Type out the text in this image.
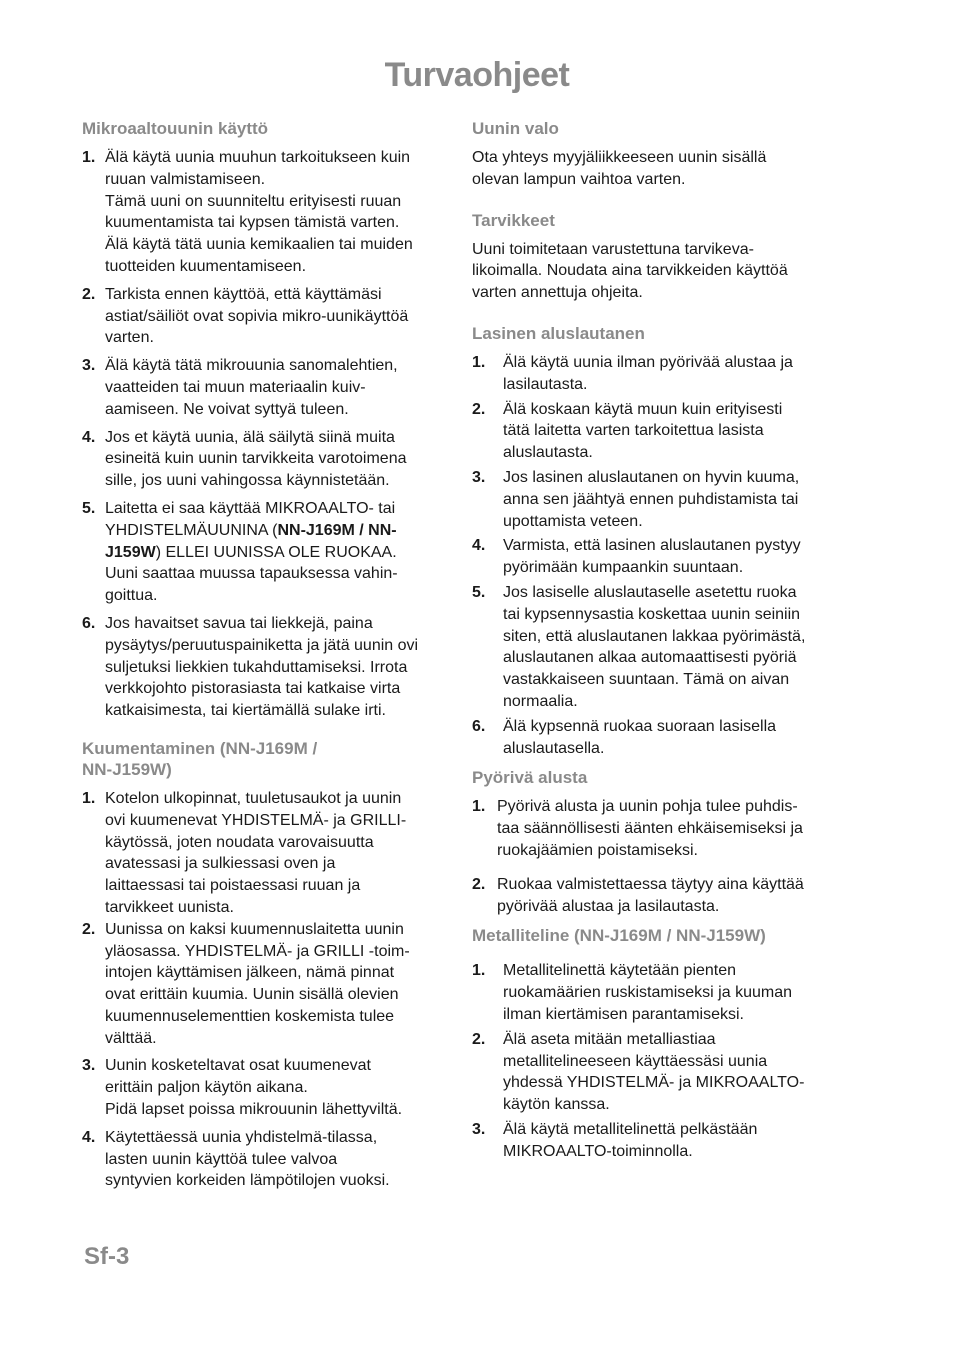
Turvaohjeet
Mikroaaltouunin käyttö
1. Älä käytä uunia muuhun tarkoitukseen kuin
ruuan valmistamiseen.
Tämä uuni on suunniteltu erityisesti ruuan
kuumentamista tai kypsen tämistä varten.
Älä käytä tätä uunia kemikaalien tai muiden
tuotteiden kuumentamiseen.
2. Tarkista ennen käyttöä, että käyttämäsi
astiat/säiliöt ovat sopivia mikro-uunikäyttöä
varten.
3. Älä käytä tätä mikrouunia sanomalehtien,
vaatteiden tai muun materiaalin kuiv-
aamiseen. Ne voivat syttyä tuleen.
4. Jos et käytä uunia, älä säilytä siinä muita
esineitä kuin uunin tarvikkeita varotoimena
sille, jos uuni vahingossa käynnistetään.
5. Laitetta ei saa käyttää MIKROAALTO- tai
YHDISTELMÄUUNINA (NN-J169M / NN-
J159W) ELLEI UUNISSA OLE RUOKAA.
Uuni saattaa muussa tapauksessa vahin-
goittua.
6. Jos havaitset savua tai liekkejä, paina
pysäytys/peruutuspainiketta ja jätä uunin ovi
suljetuksi liekkien tukahduttamiseksi. Irrota
verkkojohto pistorasiasta tai katkaise virta
katkaisimesta, tai kiertämällä sulake irti.
Kuumentaminen (NN-J169M /
NN-J159W)
1. Kotelon ulkopinnat, tuuletusaukot ja uunin
ovi kuumenevat YHDISTELMÄ- ja GRILLI-
käytössä, joten noudata varovaisuutta
avatessasi ja sulkiessasi oven ja
laittaessasi tai poistaessasi ruuan ja
tarvikkeet uunista.
2. Uunissa on kaksi kuumennuslaitetta uunin
yläosassa. YHDISTELMÄ- ja GRILLI -toim-
intojen käyttämisen jälkeen, nämä pinnat
ovat erittäin kuumia. Uunin sisällä olevien
kuumennuselementtien koskemista tulee
välttää.
3. Uunin kosketeltavat osat kuumenevat
erittäin paljon käytön aikana.
Pidä lapset poissa mikrouunin lähettyviltä.
4. Käytettäessä uunia yhdistelmä-tilassa,
lasten uunin käyttöä tulee valvoa
syntyvien korkeiden lämpötilojen vuoksi.
Uunin valo
Ota yhteys myyjäliikkeeseen uunin sisällä
olevan lampun vaihtoa varten.
Tarvikkeet
Uuni toimitetaan varustettuna tarvikeva-
likoimalla. Noudata aina tarvikkeiden käyttöä
varten annettuja ohjeita.
Lasinen aluslautanen
1. Älä käytä uunia ilman pyörivää alustaa ja
lasilautasta.
2. Älä koskaan käytä muun kuin erityisesti
tätä laitetta varten tarkoitettua lasista
aluslautasta.
3. Jos lasinen aluslautanen on hyvin kuuma,
anna sen jäähtyä ennen puhdistamista tai
upottamista veteen.
4. Varmista, että lasinen aluslautanen pystyy
pyörimään kumpaankin suuntaan.
5. Jos lasiselle aluslautaselle asetettu ruoka
tai kypsennysastia koskettaa uunin seiniin
siten, että aluslautanen lakkaa pyörimästä,
aluslautanen alkaa automaattisesti pyöriä
vastakkaiseen suuntaan. Tämä on aivan
normaalia.
6. Älä kypsennä ruokaa suoraan lasisella
aluslautasella.
Pyörivä alusta
1. Pyörivä alusta ja uunin pohja tulee puhdis-
taa säännöllisesti äänten ehkäisemiseksi ja
ruokajäämien poistamiseksi.
2. Ruokaa valmistettaessa täytyy aina käyttää
pyörivää alustaa ja lasilautasta.
Metalliteline (NN-J169M / NN-J159W)
1. Metallitelinettä käytetään pienten
ruokamäärien ruskistamiseksi ja kuuman
ilman kiertämisen parantamiseksi.
2. Älä aseta mitään metalliastiaa
metallitelineeseen käyttäessäsi uunia
yhdessä YHDISTELMÄ- ja MIKROAALTO-
käytön kanssa.
3. Älä käytä metallitelinettä pelkästään
MIKROAALTO-toiminnolla.
Sf-3
